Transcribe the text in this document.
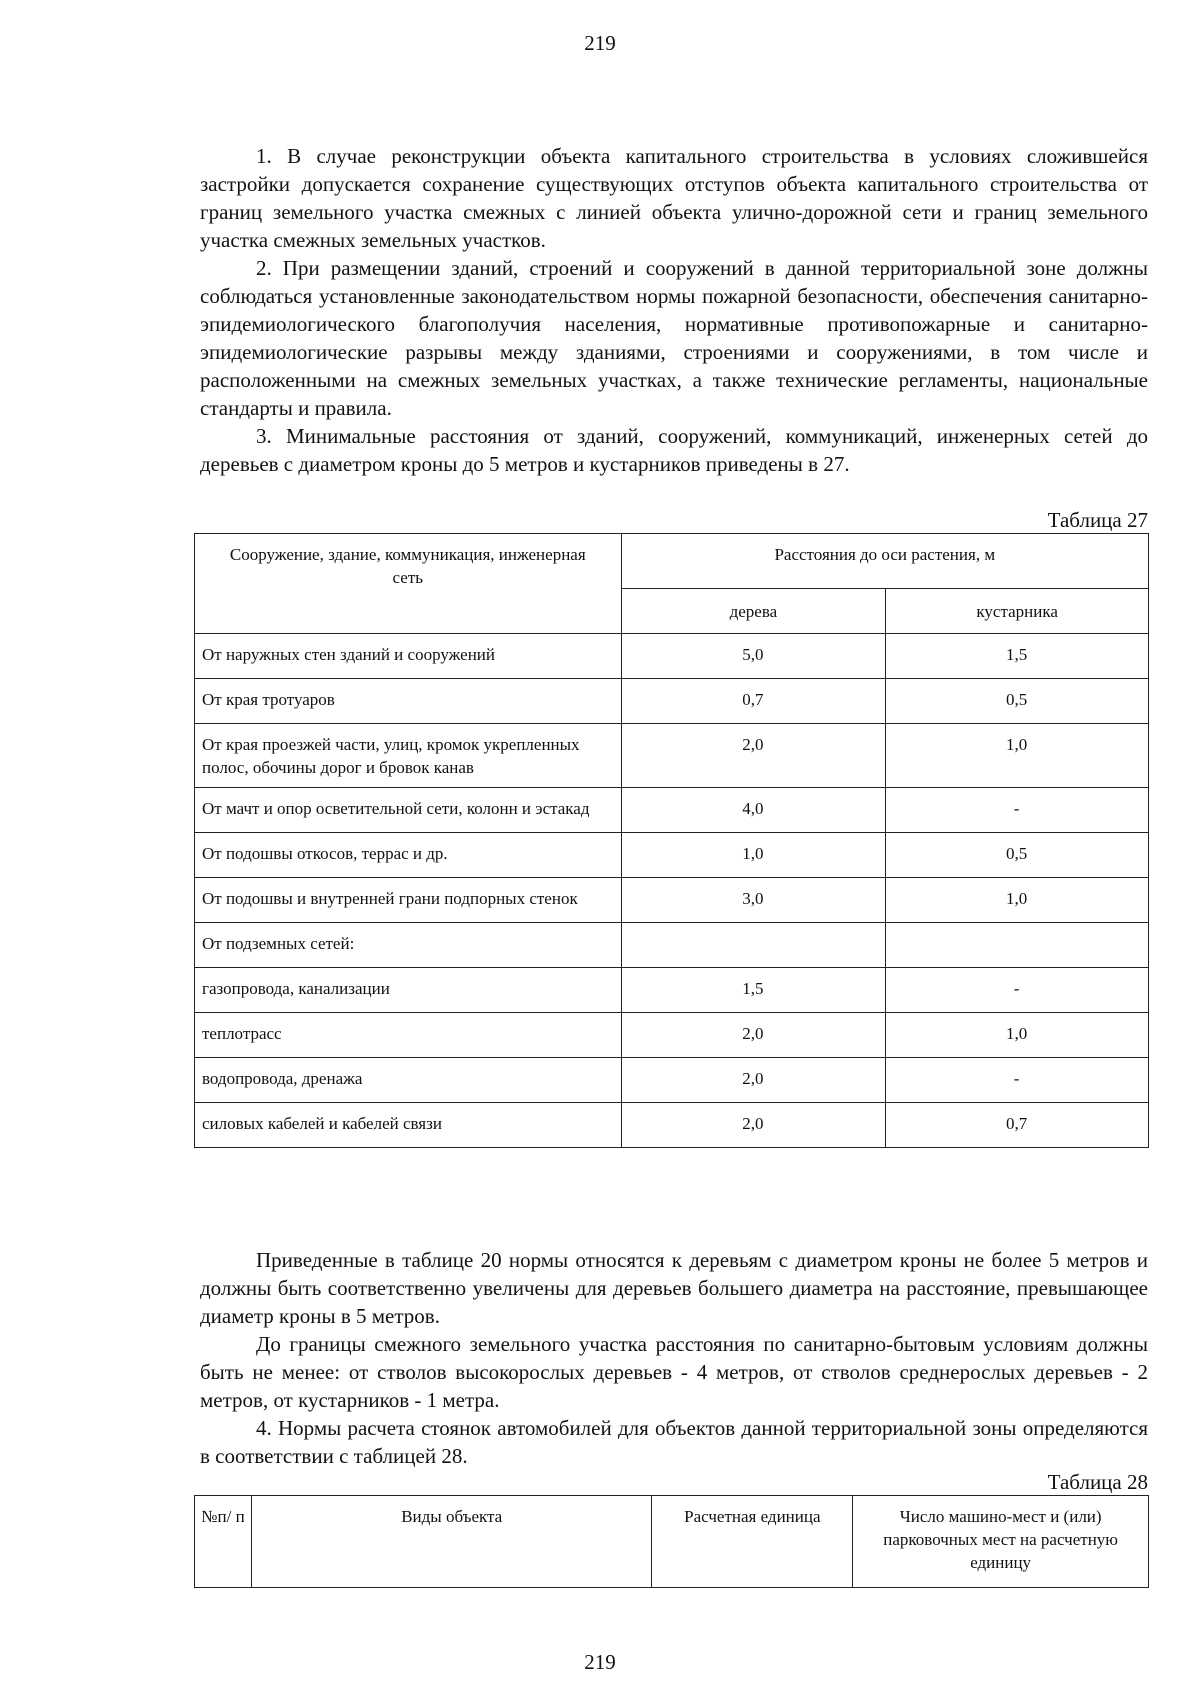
219

1. В случае реконструкции объекта капитального строительства в условиях сложившейся застройки допускается сохранение существующих отступов объекта капитального строительства от границ земельного участка смежных с линией объекта улично-дорожной сети и границ земельного участка смежных земельных участков.

2. При размещении зданий, строений и сооружений в данной территориальной зоне должны соблюдаться установленные законодательством нормы пожарной безопасности, обеспечения санитарно-эпидемиологического благополучия населения, нормативные противопожарные и санитарно-эпидемиологические разрывы между зданиями, строениями и сооружениями, в том числе и расположенными на смежных земельных участках, а также технические регламенты, национальные стандарты и правила.

3. Минимальные расстояния от зданий, сооружений, коммуникаций, инженерных сетей до деревьев с диаметром кроны до 5 метров и кустарников приведены в 27.

Таблица 27
Сооружение, здание, коммуникация, инженерная сеть	Расстояния до оси растения, м	
	дерева	кустарника
От наружных стен зданий и сооружений	5,0	1,5
От края тротуаров	0,7	0,5
От края проезжей части, улиц, кромок укрепленных полос, обочины дорог и бровок канав	2,0	1,0
От мачт и опор осветительной сети, колонн и эстакад	4,0	-
От подошвы откосов, террас и др.	1,0	0,5
От подошвы и внутренней грани подпорных стенок	3,0	1,0
От подземных сетей:		
газопровода, канализации	1,5	-
теплотрасс	2,0	1,0
водопровода, дренажа	2,0	-
силовых кабелей и кабелей связи	2,0	0,7

Приведенные в таблице 20 нормы относятся к деревьям с диаметром кроны не более 5 метров и должны быть соответственно увеличены для деревьев большего диаметра на расстояние, превышающее диаметр кроны в 5 метров.

До границы смежного земельного участка расстояния по санитарно-бытовым условиям должны быть не менее: от стволов высокорослых деревьев - 4 метров, от стволов среднерослых деревьев - 2 метров, от кустарников - 1 метра.

4. Нормы расчета стоянок автомобилей для объектов данной территориальной зоны определяются в соответствии с таблицей 28.

Таблица 28
№п/ п	Виды объекта	Расчетная единица	Число машино-мест и (или) парковочных мест на расчетную единицу
219
